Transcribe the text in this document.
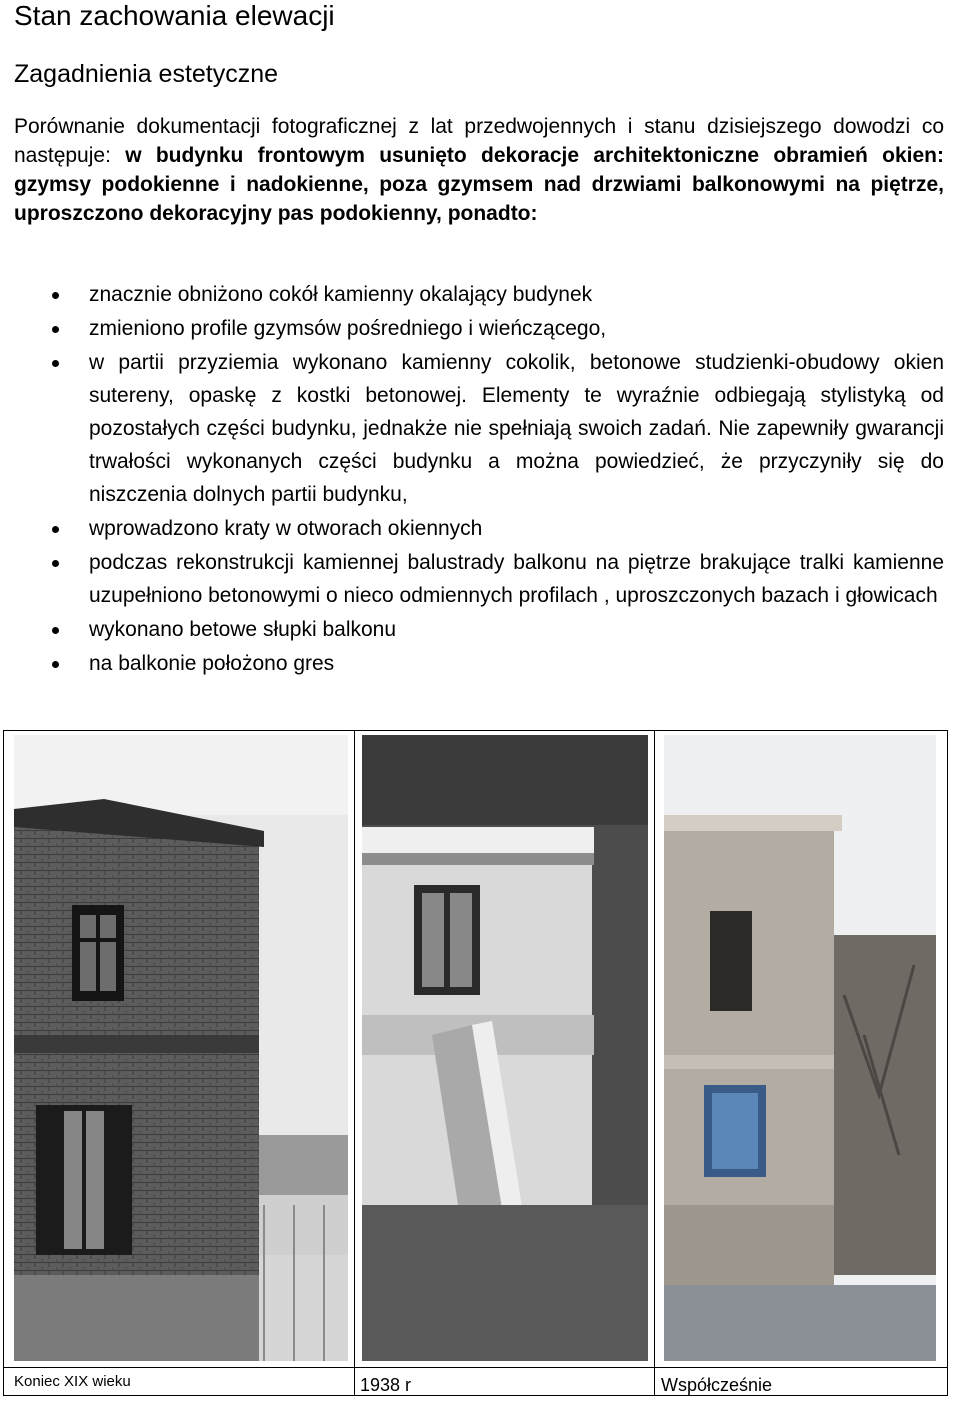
Stan zachowania elewacji
Zagadnienia estetyczne
Porównanie dokumentacji fotograficznej z lat przedwojennych i stanu dzisiejszego dowodzi co następuje: w budynku frontowym usunięto dekoracje architektoniczne obramień okien: gzymsy podokienne i nadokienne, poza gzymsem nad drzwiami balkonowymi na piętrze, uproszczono dekoracyjny pas podokienny, ponadto:
znacznie obniżono cokół kamienny okalający budynek
zmieniono profile gzymsów pośredniego i wieńczącego,
w partii przyziemia wykonano kamienny cokolik, betonowe studzienki-obudowy okien sutereny, opaskę z kostki betonowej. Elementy te wyraźnie odbiegają stylistyką od pozostałych części budynku, jednakże nie spełniają swoich zadań. Nie zapewniły gwarancji trwałości wykonanych części budynku a można powiedzieć, że przyczyniły się do niszczenia dolnych partii budynku,
wprowadzono kraty w otworach okiennych
podczas rekonstrukcji kamiennej balustrady balkonu na piętrze brakujące tralki kamienne uzupełniono betonowymi o nieco odmiennych profilach , uproszczonych bazach i głowicach
wykonano betowe słupki balkonu
na balkonie położono gres
Koniec XIX wieku	1938 r	Współcześnie
